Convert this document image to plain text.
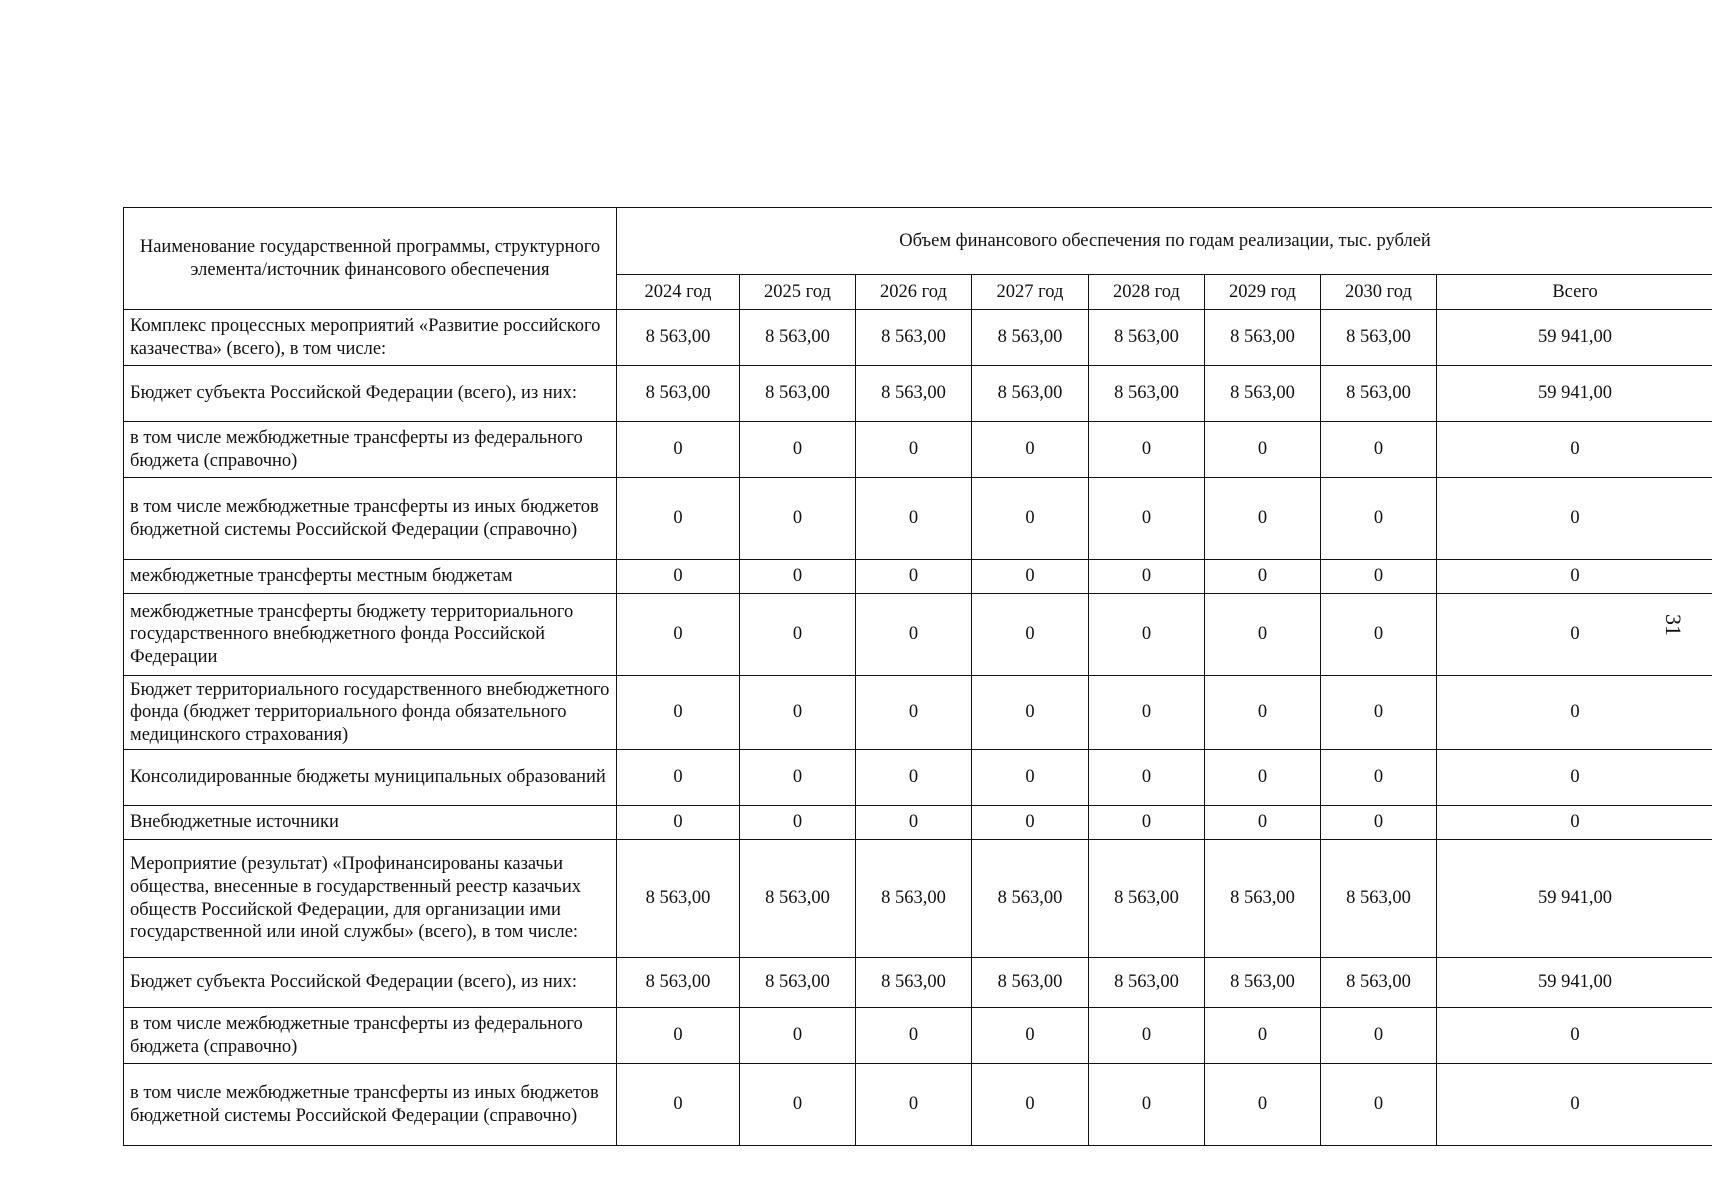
Наименование государственной программы, структурного элемента/источник финансового обеспечения	Объем финансового обеспечения по годам реализации, тыс. рублей							
	2024 год	2025 год	2026 год	2027 год	2028 год	2029 год	2030 год	Всего
Комплекс процессных мероприятий «Развитие российского казачества» (всего), в том числе:	8 563,00	8 563,00	8 563,00	8 563,00	8 563,00	8 563,00	8 563,00	59 941,00
Бюджет субъекта Российской Федерации (всего), из них:	8 563,00	8 563,00	8 563,00	8 563,00	8 563,00	8 563,00	8 563,00	59 941,00
в том числе межбюджетные трансферты из федерального бюджета (справочно)	0	0	0	0	0	0	0	0
в том числе межбюджетные трансферты из иных бюджетов бюджетной системы Российской Федерации (справочно)	0	0	0	0	0	0	0	0
межбюджетные трансферты местным бюджетам	0	0	0	0	0	0	0	0
межбюджетные трансферты бюджету территориального государственного внебюджетного фонда Российской Федерации	0	0	0	0	0	0	0	0
Бюджет территориального государственного внебюджетного фонда (бюджет территориального фонда обязательного медицинского страхования)	0	0	0	0	0	0	0	0
Консолидированные бюджеты муниципальных образований	0	0	0	0	0	0	0	0
Внебюджетные источники	0	0	0	0	0	0	0	0
Мероприятие (результат) «Профинансированы казачьи общества, внесенные в государственный реестр казачьих обществ Российской Федерации, для организации ими государственной или иной службы» (всего), в том числе:	8 563,00	8 563,00	8 563,00	8 563,00	8 563,00	8 563,00	8 563,00	59 941,00
Бюджет субъекта Российской Федерации (всего), из них:	8 563,00	8 563,00	8 563,00	8 563,00	8 563,00	8 563,00	8 563,00	59 941,00
в том числе межбюджетные трансферты из федерального бюджета (справочно)	0	0	0	0	0	0	0	0
в том числе межбюджетные трансферты из иных бюджетов бюджетной системы Российской Федерации (справочно)	0	0	0	0	0	0	0	0
31
